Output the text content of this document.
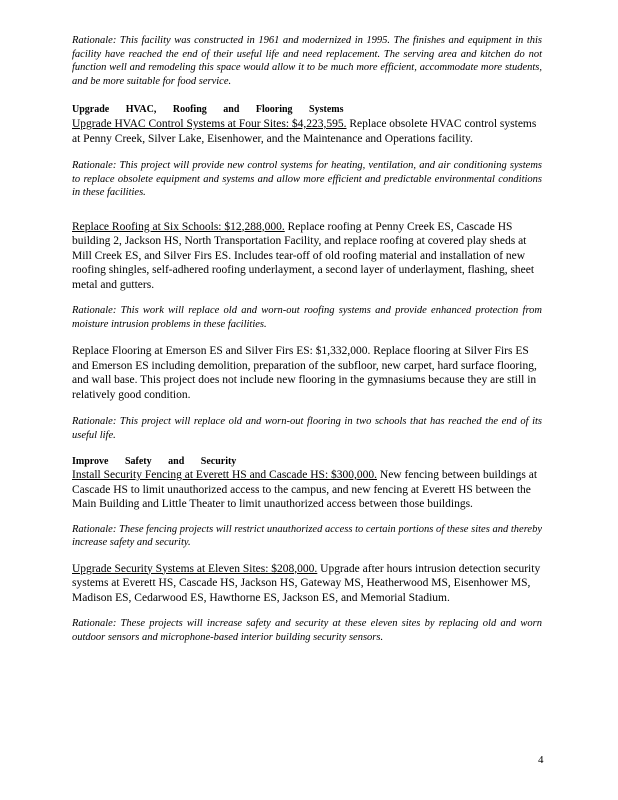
Rationale: This facility was constructed in 1961 and modernized in 1995. The finishes and equipment in this facility have reached the end of their useful life and need replacement. The serving area and kitchen do not function well and remodeling this space would allow it to be much more efficient, accommodate more students, and be more suitable for food service.

Upgrade HVAC, Roofing and Flooring Systems

Upgrade HVAC Control Systems at Four Sites: $4,223,595. Replace obsolete HVAC control systems at Penny Creek, Silver Lake, Eisenhower, and the Maintenance and Operations facility.

Rationale: This project will provide new control systems for heating, ventilation, and air conditioning systems to replace obsolete equipment and systems and allow more efficient and predictable environmental conditions in these facilities.

Replace Roofing at Six Schools: $12,288,000. Replace roofing at Penny Creek ES, Cascade HS building 2, Jackson HS, North Transportation Facility, and replace roofing at covered play sheds at Mill Creek ES, and Silver Firs ES. Includes tear-off of old roofing material and installation of new roofing shingles, self-adhered roofing underlayment, a second layer of underlayment, flashing, sheet metal and gutters.

Rationale: This work will replace old and worn-out roofing systems and provide enhanced protection from moisture intrusion problems in these facilities.

Replace Flooring at Emerson ES and Silver Firs ES: $1,332,000. Replace flooring at Silver Firs ES and Emerson ES including demolition, preparation of the subfloor, new carpet, hard surface flooring, and wall base. This project does not include new flooring in the gymnasiums because they are still in relatively good condition.

Rationale: This project will replace old and worn-out flooring in two schools that has reached the end of its useful life.

Improve Safety and Security

Install Security Fencing at Everett HS and Cascade HS: $300,000. New fencing between buildings at Cascade HS to limit unauthorized access to the campus, and new fencing at Everett HS between the Main Building and Little Theater to limit unauthorized access between those buildings.

Rationale: These fencing projects will restrict unauthorized access to certain portions of these sites and thereby increase safety and security.

Upgrade Security Systems at Eleven Sites: $208,000. Upgrade after hours intrusion detection security systems at Everett HS, Cascade HS, Jackson HS, Gateway MS, Heatherwood MS, Eisenhower MS, Madison ES, Cedarwood ES, Hawthorne ES, Jackson ES, and Memorial Stadium.

Rationale: These projects will increase safety and security at these eleven sites by replacing old and worn outdoor sensors and microphone-based interior building security sensors.

4
